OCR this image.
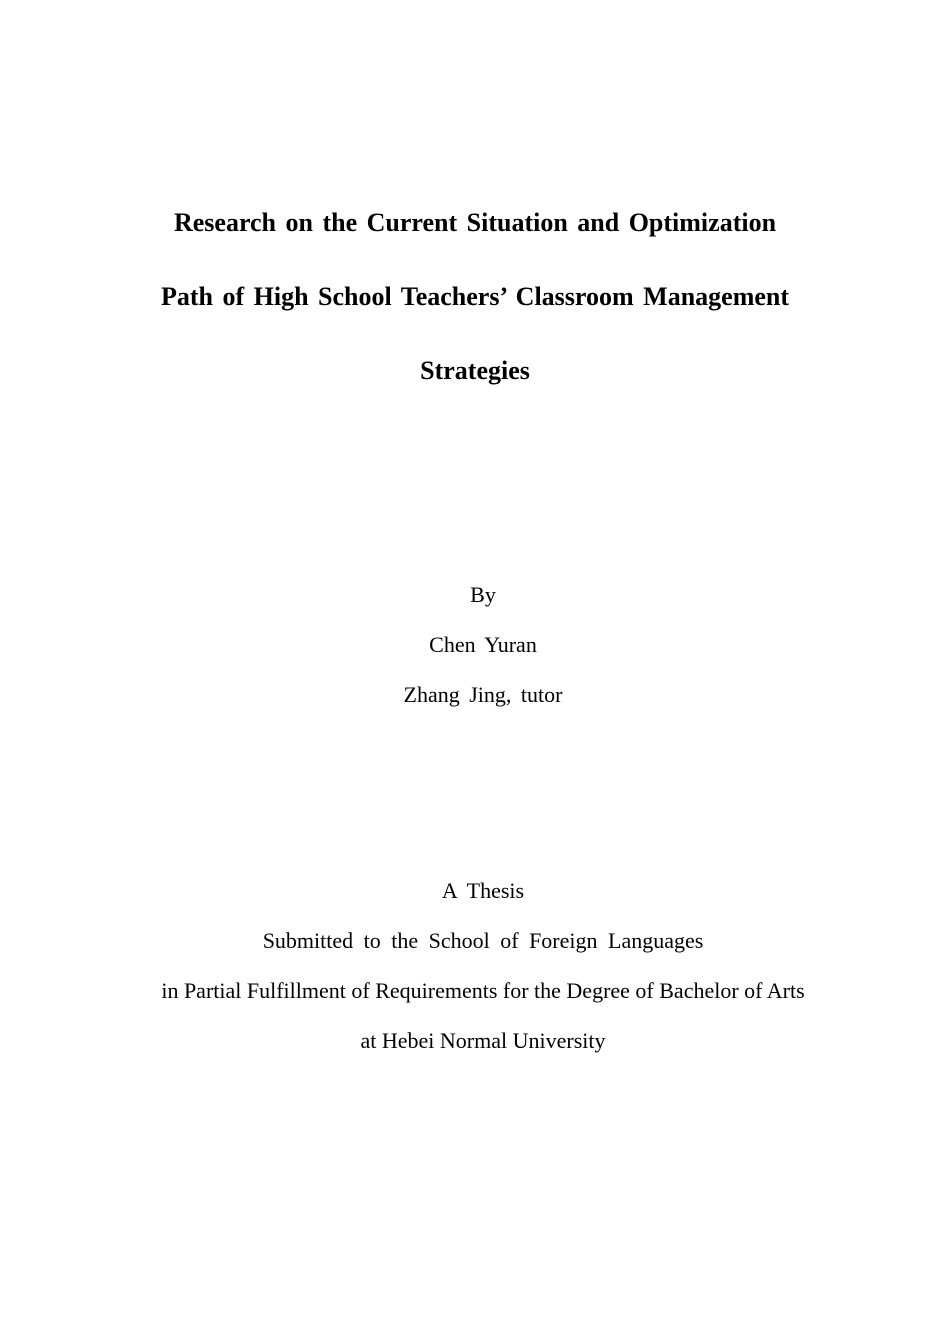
Research on the Current Situation and Optimization
Path of High School Teachers’ Classroom Management
Strategies
By
Chen Yuran
Zhang Jing, tutor
A Thesis
Submitted to the School of Foreign Languages
in Partial Fulfillment of Requirements for the Degree of Bachelor of Arts
at Hebei Normal University
